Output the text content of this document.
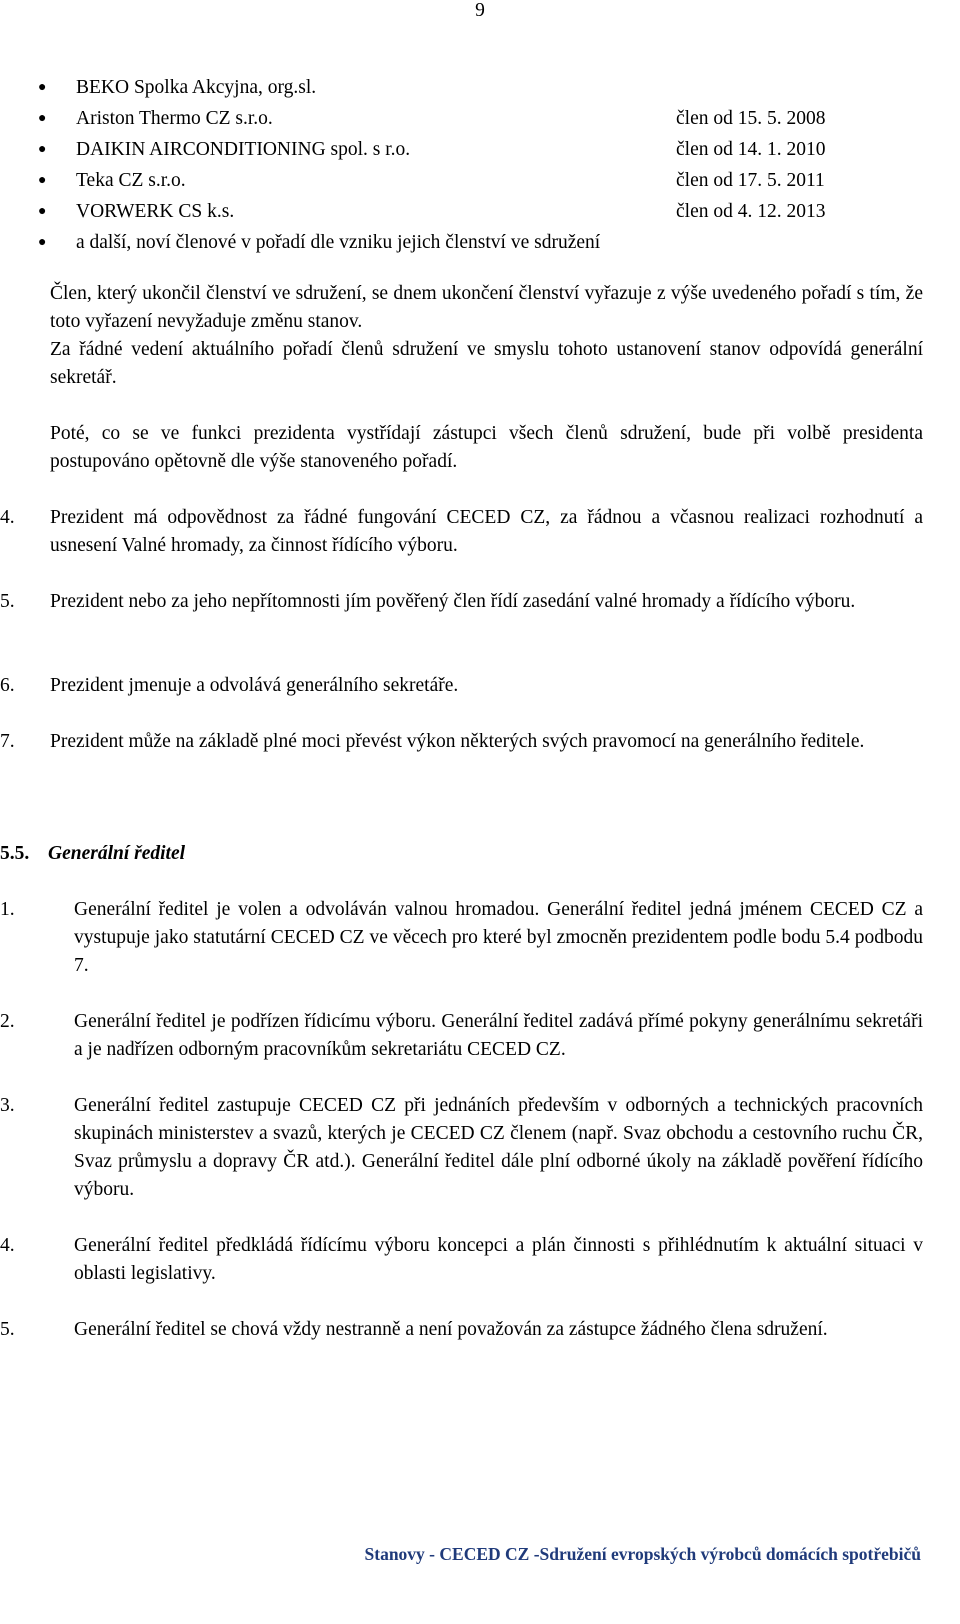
9
● BEKO Spolka Akcyjna, org.sl.
● Ariston Thermo CZ s.r.o.	člen od 15. 5. 2008
● DAIKIN AIRCONDITIONING spol. s r.o.	člen od 14. 1. 2010
● Teka CZ s.r.o.	člen od 17. 5. 2011
● VORWERK CS k.s.	člen od 4. 12. 2013
● a další, noví členové v pořadí dle vzniku jejich členství ve sdružení

Člen, který ukončil členství ve sdružení, se dnem ukončení členství vyřazuje z výše uvedeného pořadí s tím, že toto vyřazení nevyžaduje změnu stanov.

Za řádné vedení aktuálního pořadí členů sdružení ve smyslu tohoto ustanovení stanov odpovídá generální sekretář.

Poté, co se ve funkci prezidenta vystřídají zástupci všech členů sdružení, bude při volbě presidenta postupováno opětovně dle výše stanoveného pořadí.

4. Prezident má odpovědnost za řádné fungování CECED CZ, za řádnou a včasnou realizaci rozhodnutí a usnesení Valné hromady, za činnost řídícího výboru.
5. Prezident nebo za jeho nepřítomnosti jím pověřený člen řídí zasedání valné hromady a řídícího výboru.
6. Prezident jmenuje a odvolává generálního sekretáře.
7. Prezident může na základě plné moci převést výkon některých svých pravomocí na generálního ředitele.
5.5. Generální ředitel
1.	Generální ředitel je volen a odvoláván valnou hromadou. Generální ředitel jedná jménem CECED CZ a vystupuje jako statutární CECED CZ ve věcech pro které byl zmocněn prezidentem podle bodu 5.4 podbodu 7.
2.	Generální ředitel je podřízen řídicímu výboru. Generální ředitel zadává přímé pokyny generálnímu sekretáři a je nadřízen odborným pracovníkům sekretariátu CECED CZ.
3.	Generální ředitel zastupuje CECED CZ při jednáních především v odborných a technických pracovních skupinách ministerstev a svazů, kterých je CECED CZ členem (např. Svaz obchodu a cestovního ruchu ČR, Svaz průmyslu a dopravy ČR atd.). Generální ředitel dále plní odborné úkoly na základě pověření řídícího výboru.
4.	Generální ředitel předkládá řídícímu výboru koncepci a plán činnosti s přihlédnutím k aktuální situaci v oblasti legislativy.
5.	Generální ředitel se chová vždy nestranně a není považován za zástupce žádného člena sdružení.
Stanovy - CECED CZ -Sdružení evropských výrobců domácích spotřebičů
